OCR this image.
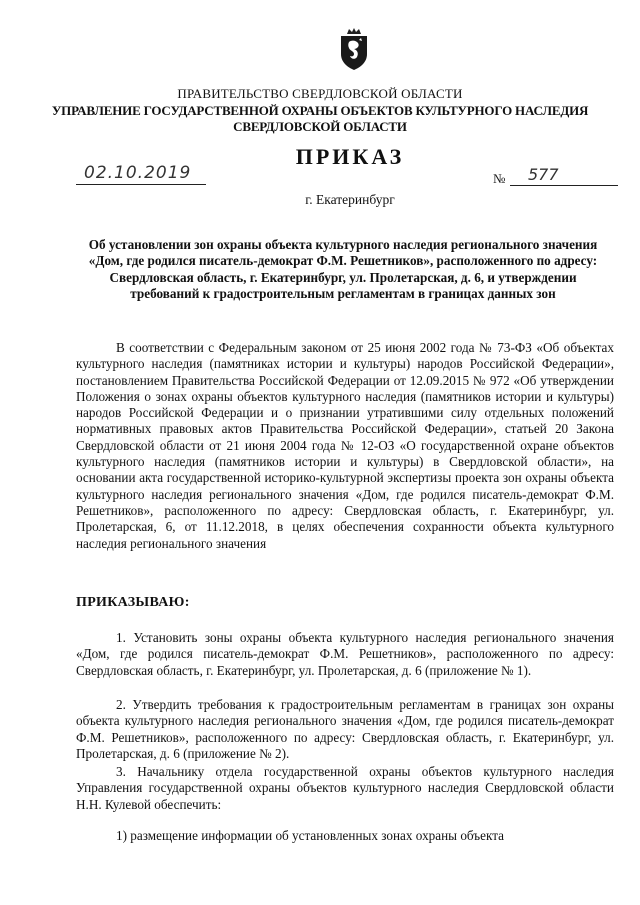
ПРАВИТЕЛЬСТВО СВЕРДЛОВСКОЙ ОБЛАСТИ
УПРАВЛЕНИЕ ГОСУДАРСТВЕННОЙ ОХРАНЫ ОБЪЕКТОВ КУЛЬТУРНОГО НАСЛЕДИЯ
СВЕРДЛОВСКОЙ ОБЛАСТИ
ПРИКАЗ
02.10.2019	№	577
г. Екатеринбург
Об установлении зон охраны объекта культурного наследия регионального значения «Дом, где родился писатель-демократ Ф.М. Решетников», расположенного по адресу: Свердловская область, г. Екатеринбург, ул. Пролетарская, д. 6, и утверждении требований к градостроительным регламентам в границах данных зон

В соответствии с Федеральным законом от 25 июня 2002 года № 73-ФЗ «Об объектах культурного наследия (памятниках истории и культуры) народов Российской Федерации», постановлением Правительства Российской Федерации от 12.09.2015 № 972 «Об утверждении Положения о зонах охраны объектов культурного наследия (памятников истории и культуры) народов Российской Федерации и о признании утратившими силу отдельных положений нормативных правовых актов Правительства Российской Федерации», статьей 20 Закона Свердловской области от 21 июня 2004 года № 12-ОЗ «О государственной охране объектов культурного наследия (памятников истории и культуры) в Свердловской области», на основании акта государственной историко-культурной экспертизы проекта зон охраны объекта культурного наследия регионального значения «Дом, где родился писатель-демократ Ф.М. Решетников», расположенного по адресу: Свердловская область, г. Екатеринбург, ул. Пролетарская, 6, от 11.12.2018, в целях обеспечения сохранности объекта культурного наследия регионального значения

ПРИКАЗЫВАЮ:

1. Установить зоны охраны объекта культурного наследия регионального значения «Дом, где родился писатель-демократ Ф.М. Решетников», расположенного по адресу: Свердловская область, г. Екатеринбург, ул. Пролетарская, д. 6 (приложение № 1).

2. Утвердить требования к градостроительным регламентам в границах зон охраны объекта культурного наследия регионального значения «Дом, где родился писатель-демократ Ф.М. Решетников», расположенного по адресу: Свердловская область, г. Екатеринбург, ул. Пролетарская, д. 6 (приложение № 2).

3. Начальнику отдела государственной охраны объектов культурного наследия Управления государственной охраны объектов культурного наследия Свердловской области Н.Н. Кулевой обеспечить:

1) размещение информации об установленных зонах охраны объекта
